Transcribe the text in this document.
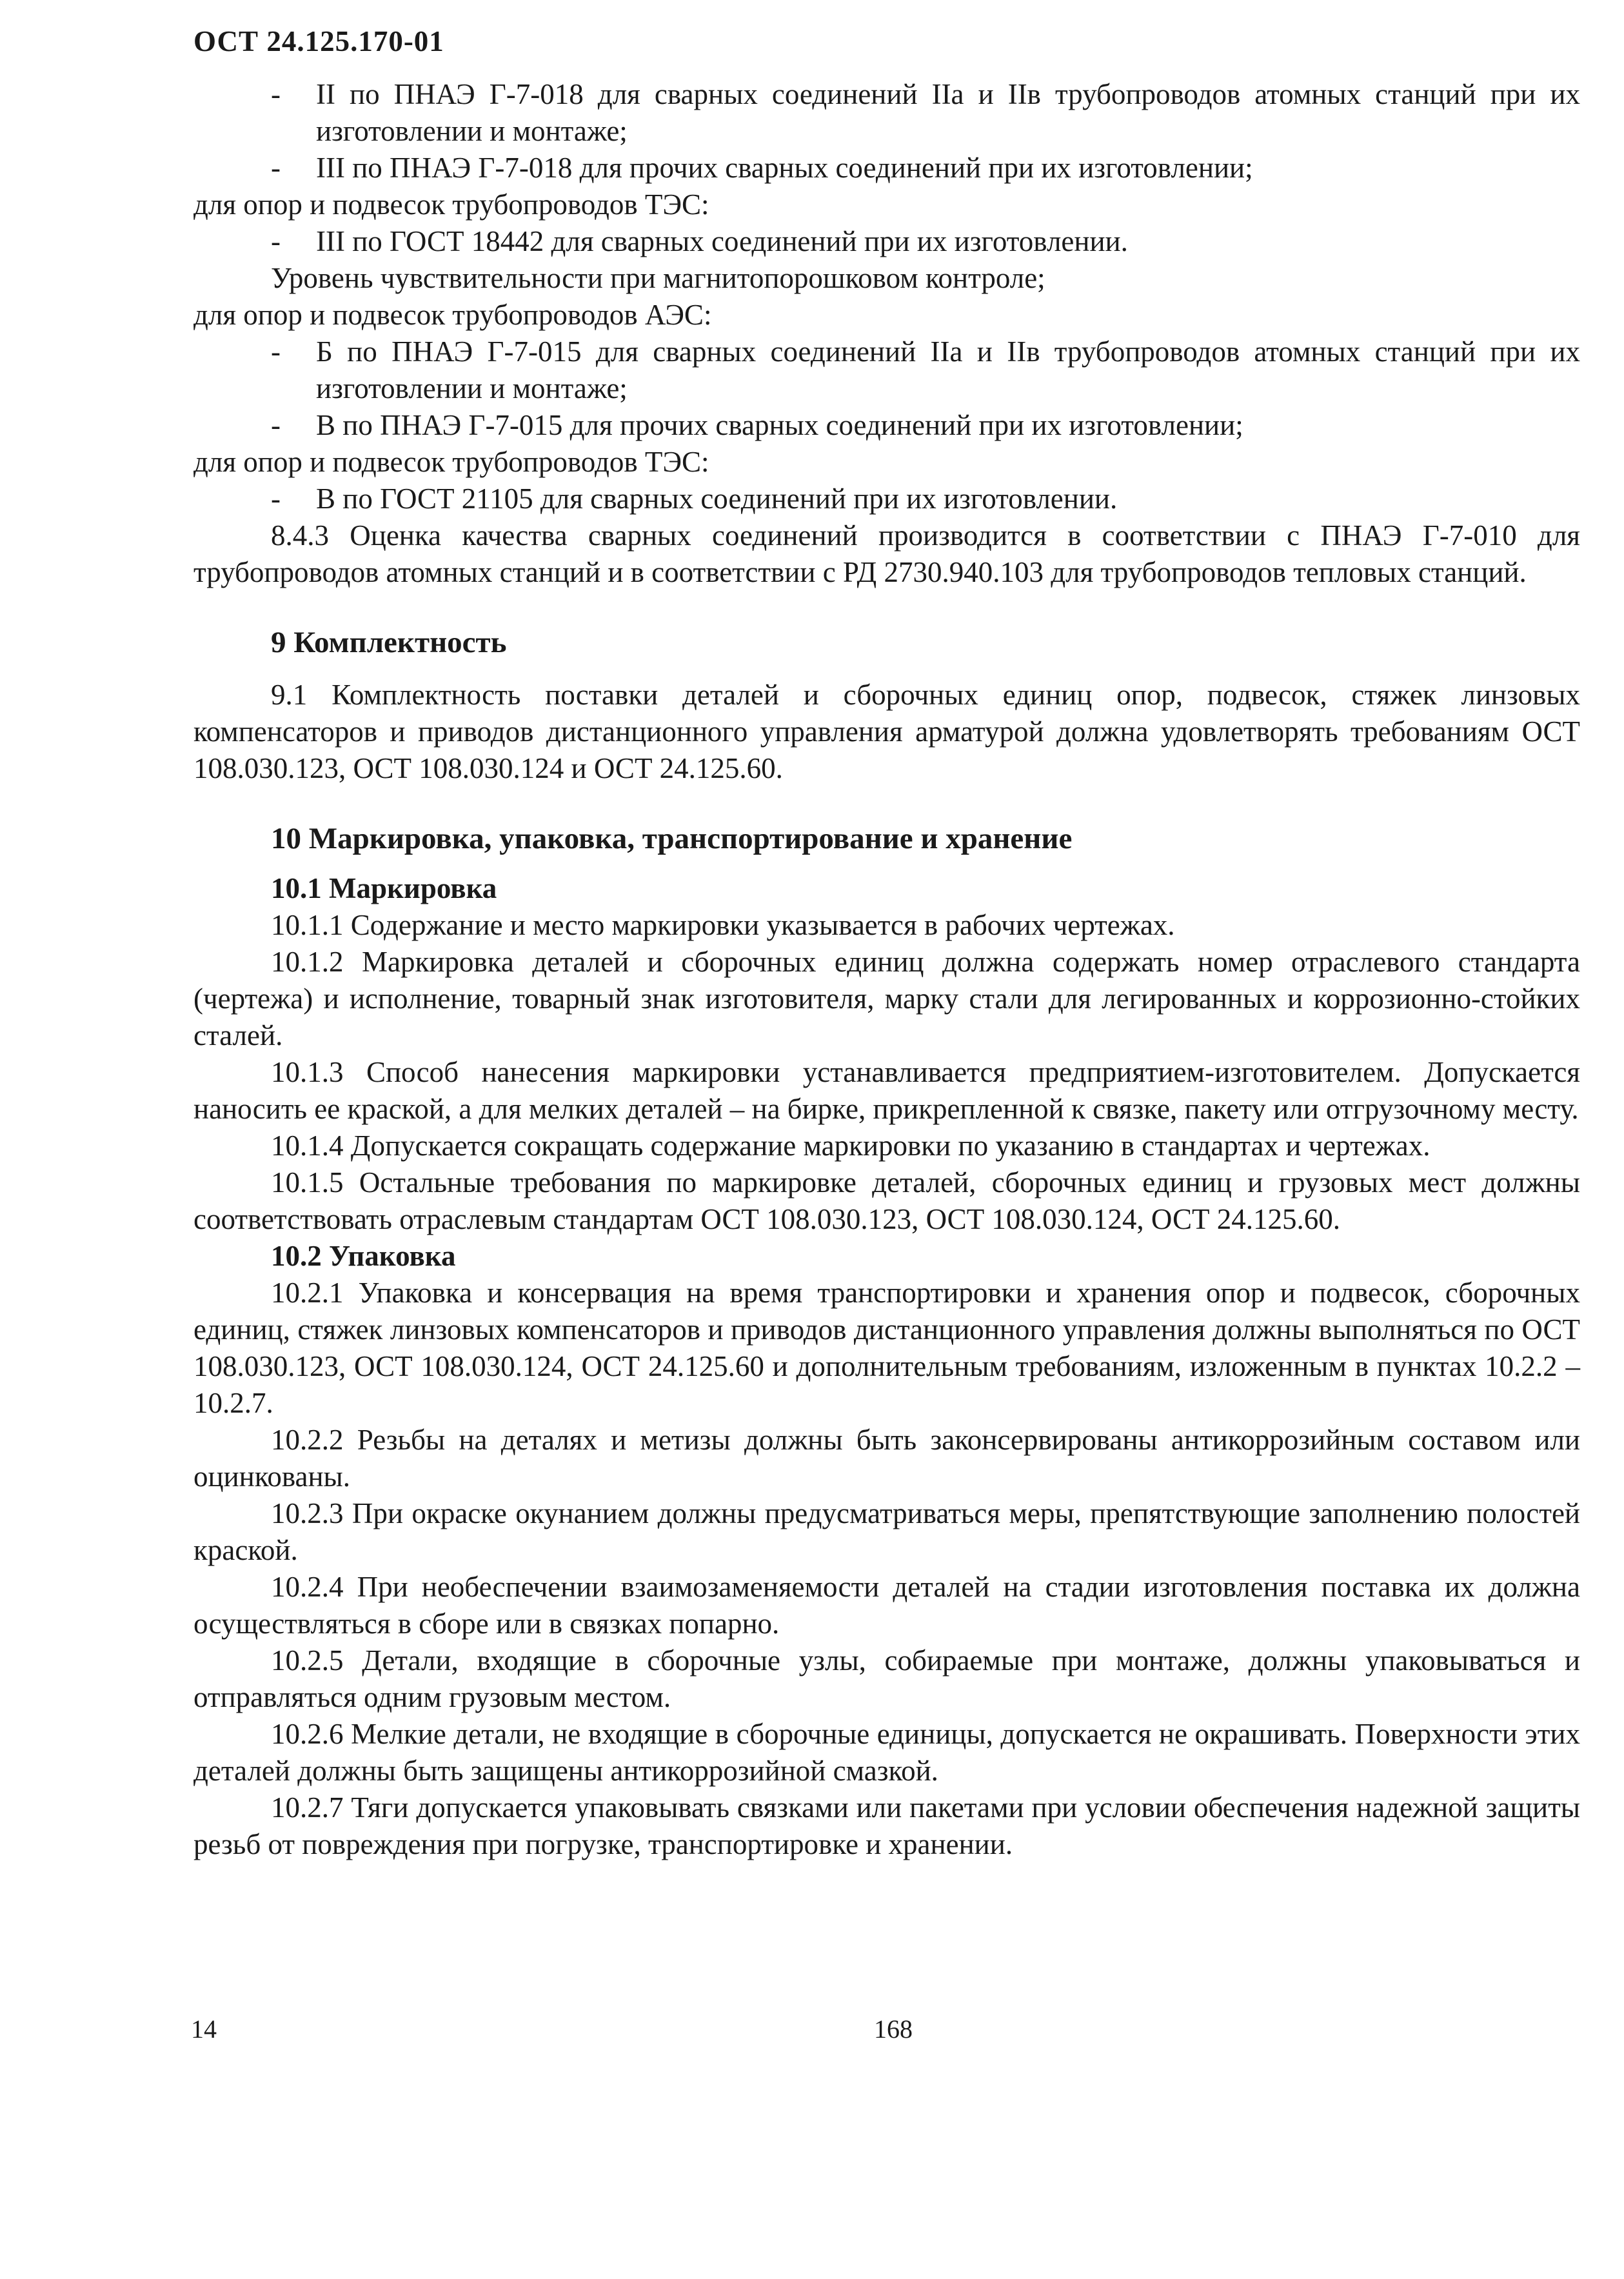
ОСТ 24.125.170-01

- II по ПНАЭ Г-7-018 для сварных соединений IIa и IIв трубопроводов атомных станций при их изготовлении и монтаже;

- III по ПНАЭ Г-7-018 для прочих сварных соединений при их изготовлении;

для опор и подвесок трубопроводов ТЭС:

- III по ГОСТ 18442 для сварных соединений при их изготовлении.

Уровень чувствительности при магнитопорошковом контроле;

для опор и подвесок трубопроводов АЭС:

- Б по ПНАЭ Г-7-015 для сварных соединений IIa и IIв трубопроводов атомных станций при их изготовлении и монтаже;

- В по ПНАЭ Г-7-015 для прочих сварных соединений при их изготовлении;

для опор и подвесок трубопроводов ТЭС:

- В по ГОСТ 21105 для сварных соединений при их изготовлении.

8.4.3 Оценка качества сварных соединений производится в соответствии с ПНАЭ Г-7-010 для трубопроводов атомных станций и в соответствии с РД 2730.940.103 для трубопроводов тепловых станций.

9 Комплектность

9.1 Комплектность поставки деталей и сборочных единиц опор, подвесок, стяжек линзовых компенсаторов и приводов дистанционного управления арматурой должна удовлетворять требованиям ОСТ 108.030.123, ОСТ 108.030.124 и ОСТ 24.125.60.

10 Маркировка, упаковка, транспортирование и хранение
10.1 Маркировка

10.1.1 Содержание и место маркировки указывается в рабочих чертежах.

10.1.2 Маркировка деталей и сборочных единиц должна содержать номер отраслевого стандарта (чертежа) и исполнение, товарный знак изготовителя, марку стали для легированных и коррозионно-стойких сталей.

10.1.3 Способ нанесения маркировки устанавливается предприятием-изготовителем. Допускается наносить ее краской, а для мелких деталей – на бирке, прикрепленной к связке, пакету или отгрузочному месту.

10.1.4 Допускается сокращать содержание маркировки по указанию в стандартах и чертежах.

10.1.5 Остальные требования по маркировке деталей, сборочных единиц и грузовых мест должны соответствовать отраслевым стандартам ОСТ 108.030.123, ОСТ 108.030.124, ОСТ 24.125.60.

10.2 Упаковка

10.2.1 Упаковка и консервация на время транспортировки и хранения опор и подвесок, сборочных единиц, стяжек линзовых компенсаторов и приводов дистанционного управления должны выполняться по ОСТ 108.030.123, ОСТ 108.030.124, ОСТ 24.125.60 и дополнительным требованиям, изложенным в пунктах 10.2.2 – 10.2.7.

10.2.2 Резьбы на деталях и метизы должны быть законсервированы антикоррозийным составом или оцинкованы.

10.2.3 При окраске окунанием должны предусматриваться меры, препятствующие заполнению полостей краской.

10.2.4 При необеспечении взаимозаменяемости деталей на стадии изготовления поставка их должна осуществляться в сборе или в связках попарно.

10.2.5 Детали, входящие в сборочные узлы, собираемые при монтаже, должны упаковываться и отправляться одним грузовым местом.

10.2.6 Мелкие детали, не входящие в сборочные единицы, допускается не окрашивать. Поверхности этих деталей должны быть защищены антикоррозийной смазкой.

10.2.7 Тяги допускается упаковывать связками или пакетами при условии обеспечения надежной защиты резьб от повреждения при погрузке, транспортировке и хранении.

14	168
